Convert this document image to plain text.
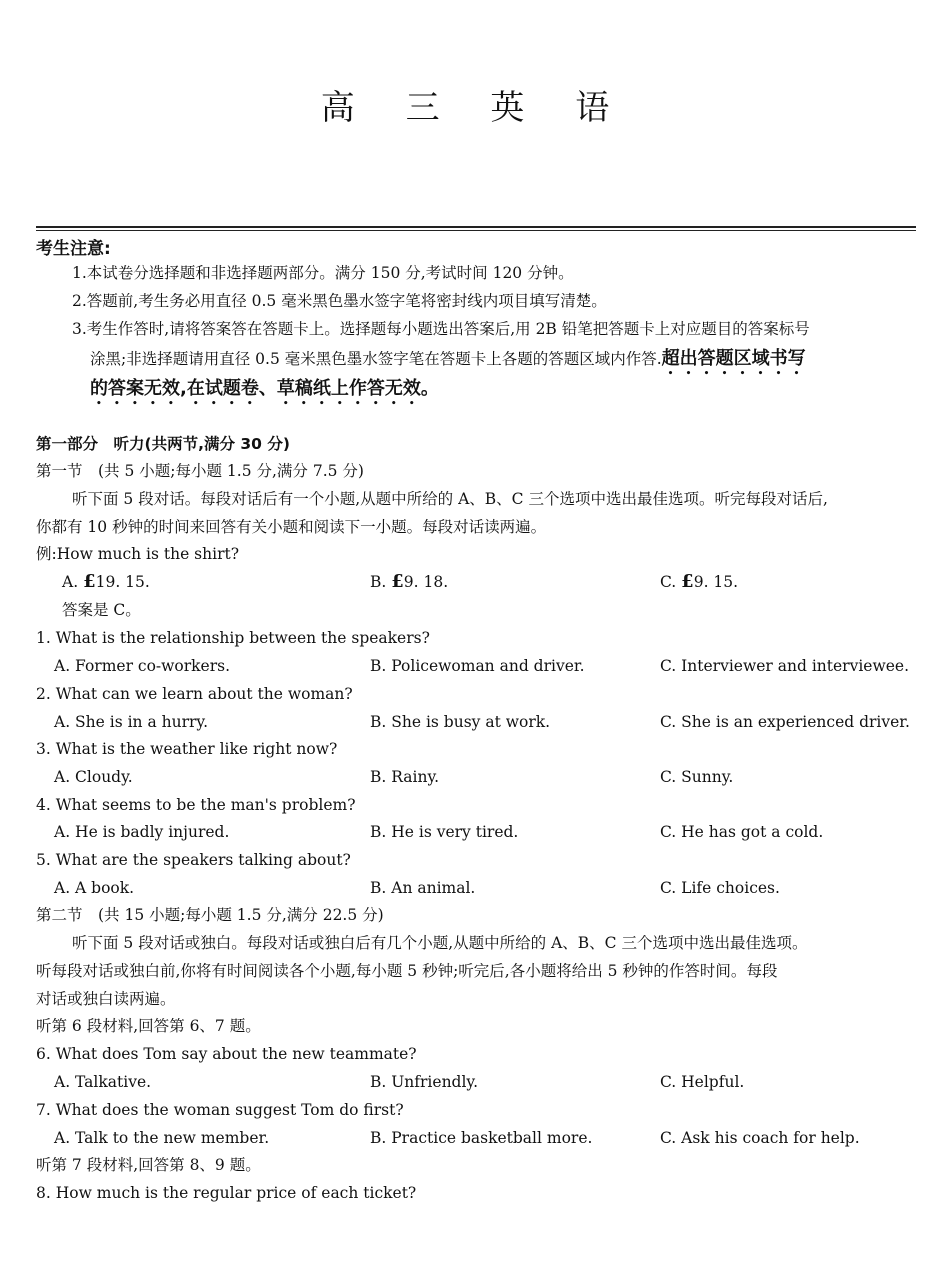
高 三 英 语
考生注意:
1.本试卷分选择题和非选择题两部分。满分 150 分,考试时间 120 分钟。
2.答题前,考生务必用直径 0.5 毫米黑色墨水签字笔将密封线内项目填写清楚。
3.考生作答时,请将答案答在答题卡上。选择题每小题选出答案后,用 2B 铅笔把答题卡上对应题目的答案标号
涂黑;非选择题请用直径 0.5 毫米黑色墨水签字笔在答题卡上各题的答题区域内作答.超出答题区域书写
的答案无效,在试题卷、草稿纸上作答无效。
第一部分　听力(共两节,满分 30 分)
第一节　(共 5 小题;每小题 1.5 分,满分 7.5 分)
听下面 5 段对话。每段对话后有一个小题,从题中所给的 A、B、C 三个选项中选出最佳选项。听完每段对话后,
你都有 10 秒钟的时间来回答有关小题和阅读下一小题。每段对话读两遍。
例:How much is the shirt?
A. £19. 15.	B. £9. 18.	C. £9. 15.
答案是 C。
1. What is the relationship between the speakers?
A. Former co-workers.	B. Policewoman and driver.	C. Interviewer and interviewee.
2. What can we learn about the woman?
A. She is in a hurry.	B. She is busy at work.	C. She is an experienced driver.
3. What is the weather like right now?
A. Cloudy.	B. Rainy.	C. Sunny.
4. What seems to be the man's problem?
A. He is badly injured.	B. He is very tired.	C. He has got a cold.
5. What are the speakers talking about?
A. A book.	B. An animal.	C. Life choices.
第二节　(共 15 小题;每小题 1.5 分,满分 22.5 分)
听下面 5 段对话或独白。每段对话或独白后有几个小题,从题中所给的 A、B、C 三个选项中选出最佳选项。
听每段对话或独白前,你将有时间阅读各个小题,每小题 5 秒钟;听完后,各小题将给出 5 秒钟的作答时间。每段
对话或独白读两遍。
听第 6 段材料,回答第 6、7 题。
6. What does Tom say about the new teammate?
A. Talkative.	B. Unfriendly.	C. Helpful.
7. What does the woman suggest Tom do first?
A. Talk to the new member.	B. Practice basketball more.	C. Ask his coach for help.
听第 7 段材料,回答第 8、9 题。
8. How much is the regular price of each ticket?
